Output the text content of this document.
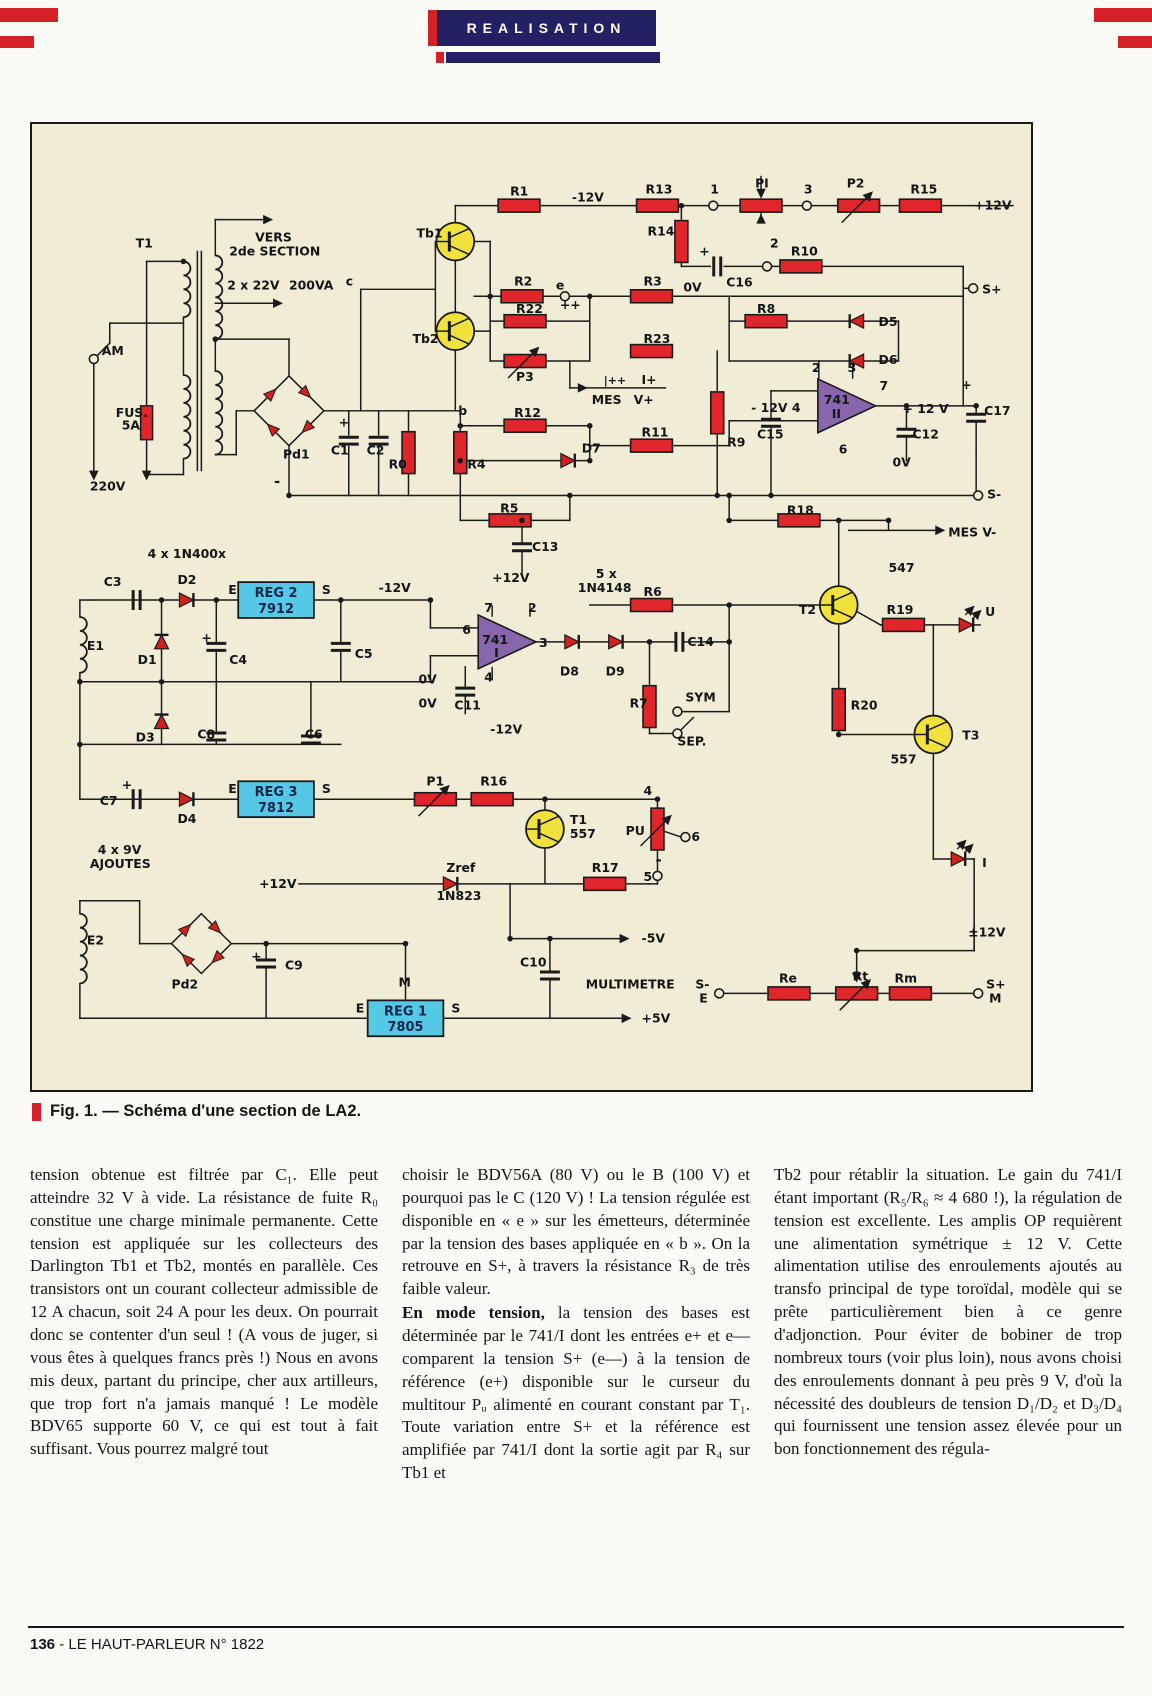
REALISATION
REG 2
7912
REG 3
7812
REG 1
7805
T1	VERS
2de SECTION
2 x 22V 200VA
AM
FUS.
5A
220V
Pd1
-
C1 C2
R0	R4
+
c
b
Tb1
Tb2
R1	-12V
R13	1	PI	3	P2	R15
+12V
R14
R2 e
++
R3 0V
+
C16
2
R10
S+
R22	R8
D5
D6
R23
P3	|++
MES
I+
V+	741
II
2 3
- 12V 4
7
+ 12 V
6
C15	C12
0V
+
C17
R9
R12
D7
R11
S-
R5	R18
MES V-
C13
+12V	5 x
1N4148 R6
547
T2	R19	U
4 x 1N400x
C3	D2
E	S	-12V
E1
D1	C4
+
C5
6
7
741
I
2
3
4	D8 D9
C14
0V
C11
0V
-12V
D3	C8	C6
R7	SYM
SEP.
R20
557
T3
C7
+
D4
E	S
P1	R16
T1
557
4
PU	6
-
5
4 x 9V
AJOUTES
+12V
Zref
1N823
R17
E2
Pd2
+
C9
M
E	S
C10
-5V
MULTIMETRE
+5V
S-
E
Re	Rt Rm	S+
M
±12V
I
Fig. 1. — Schéma d'une section de LA2.

tension obtenue est filtrée par C₁. Elle peut atteindre 32 V à vide. La résistance de fuite R₀ constitue une charge minimale permanente. Cette tension est appliquée sur les collecteurs des Darlington Tb1 et Tb2, montés en parallèle. Ces transistors ont un courant collecteur admissible de 12 A chacun, soit 24 A pour les deux. On pourrait donc se contenter d'un seul ! (A vous de juger, si vous êtes à quelques francs près !) Nous en avons mis deux, partant du principe, cher aux artilleurs, que trop fort n'a jamais manqué ! Le modèle BDV65 supporte 60 V, ce qui est tout à fait suffisant. Vous pourrez malgré tout

choisir le BDV56A (80 V) ou le B (100 V) et pourquoi pas le C (120 V) ! La tension régulée est disponible en « e » sur les émetteurs, déterminée par la tension des bases appliquée en « b ». On la retrouve en S+, à travers la résistance R₃ de très faible valeur.

En mode tension, la tension des bases est déterminée par le 741/I dont les entrées e+ et e— comparent la tension S+ (e—) à la tension de référence (e+) disponible sur le curseur du multitour Pᵤ alimenté en courant constant par T₁. Toute variation entre S+ et la référence est amplifiée par 741/I dont la sortie agit par R₄ sur Tb1 et

Tb2 pour rétablir la situation. Le gain du 741/I étant important (R₅/R₆ ≈ 4 680 !), la régulation de tension est excellente. Les amplis OP requièrent une alimentation symétrique ± 12 V. Cette alimentation utilise des enroulements ajoutés au transfo principal de type toroïdal, modèle qui se prête particulièrement bien à ce genre d'adjonction. Pour éviter de bobiner de trop nombreux tours (voir plus loin), nous avons choisi des enroulements donnant à peu près 9 V, d'où la nécessité des doubleurs de tension D₁/D₂ et D₃/D₄ qui fournissent une tension assez élevée pour un bon fonctionnement des régula-

136 - LE HAUT-PARLEUR N° 1822
